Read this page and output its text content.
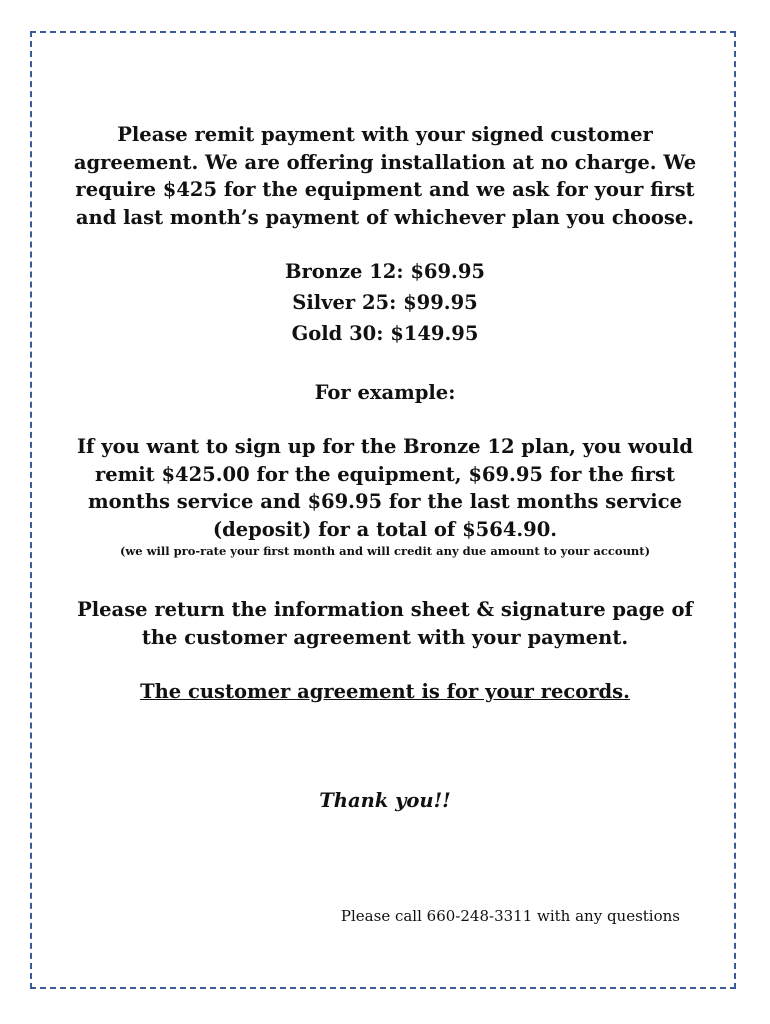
Please remit payment with your signed customer agreement. We are offering installation at no charge. We require $425 for the equipment and we ask for your first and last month’s payment of whichever plan you choose.

Bronze 12: $69.95
Silver 25: $99.95
Gold 30: $149.95

For example:

If you want to sign up for the Bronze 12 plan, you would remit $425.00 for the equipment, $69.95 for the first months service and $69.95 for the last months service (deposit) for a total of $564.90.

(we will pro-rate your first month and will credit any due amount to your account)

Please return the information sheet & signature page of the customer agreement with your payment.

The customer agreement is for your records.

Thank you!!

Please call 660-248-3311 with any questions
